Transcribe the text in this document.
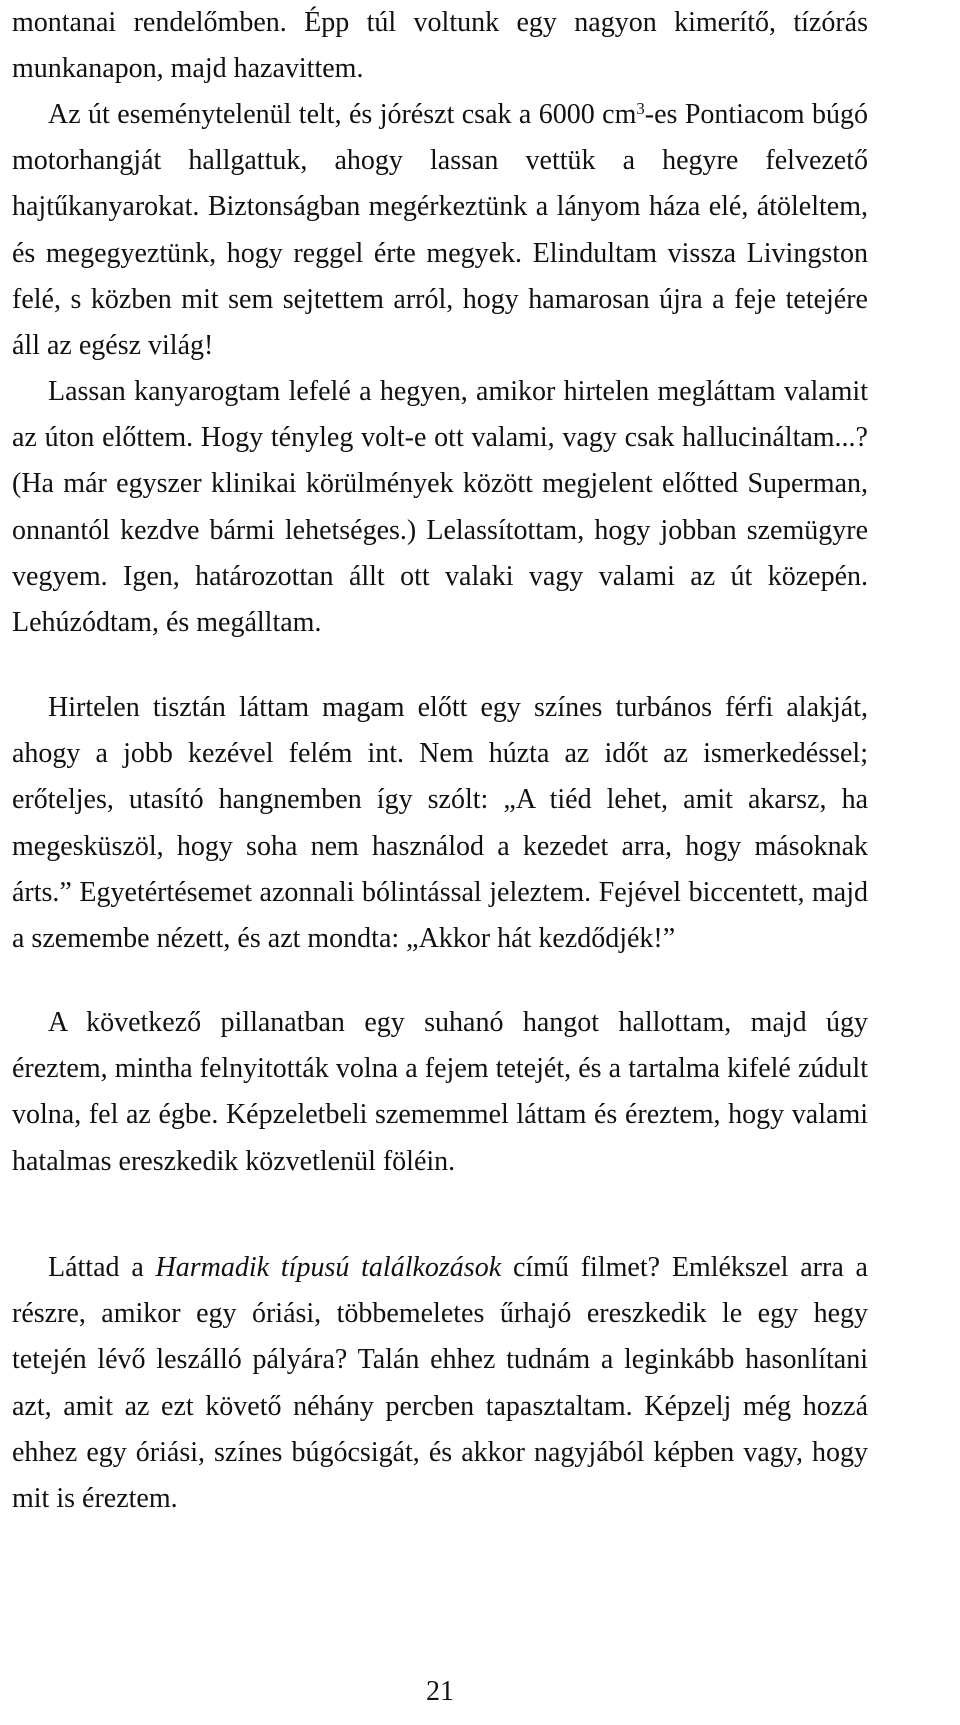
montanai rendelőmben. Épp túl voltunk egy nagyon kimerítő, tízórás munkanapon, majd hazavittem.

Az út eseménytelenül telt, és jórészt csak a 6000 $cm^3-es$ Pontiacom búgó motorhangját hallgattuk, ahogy lassan vettük a hegyre felvezető hajtűkanyarokat. Biztonságban megérkeztünk a lányom háza elé, átöleltem, és megegyeztünk, hogy reggel érte megyek. Elindultam vissza Livingston felé, s közben mit sem sejtettem arról, hogy hamarosan újra a feje tetejére áll az egész világ!

Lassan kanyarogtam lefelé a hegyen, amikor hirtelen megláttam valamit az úton előttem. Hogy tényleg volt-e ott valami, vagy csak hallucináltam...? (Ha már egyszer klinikai körülmények között megjelent előtted Superman, onnantól kezdve bármi lehetséges.) Lelassítottam, hogy jobban szemügyre vegyem. Igen, határozottan állt ott valaki vagy valami az út közepén. Lehúzódtam, és megálltam.

Hirtelen tisztán láttam magam előtt egy színes turbános férfi alakját, ahogy a jobb kezével felém int. Nem húzta az időt az ismerkedéssel; erőteljes, utasító hangnemben így szólt: „A tiéd lehet, amit akarsz, ha megesküszöl, hogy soha nem használod a kezedet arra, hogy másoknak árts.” Egyetértésemet azonnali bólintással jeleztem. Fejével biccentett, majd a szemembe nézett, és azt mondta: „Akkor hát kezdődjék!”

A következő pillanatban egy suhanó hangot hallottam, majd úgy éreztem, mintha felnyitották volna a fejem tetejét, és a tartalma kifelé zúdult volna, fel az égbe. Képzeletbeli szememmel láttam és éreztem, hogy valami hatalmas ereszkedik közvetlenül föléin.

Láttad a Harmadik típusú találkozások című filmet? Emlékszel arra a részre, amikor egy óriási, többemeletes űrhajó ereszkedik le egy hegy tetején lévő leszálló pályára? Talán ehhez tudnám a leginkább hasonlítani azt, amit az ezt követő néhány percben tapasztaltam. Képzelj még hozzá ehhez egy óriási, színes búgócsigát, és akkor nagyjából képben vagy, hogy mit is éreztem.

21
